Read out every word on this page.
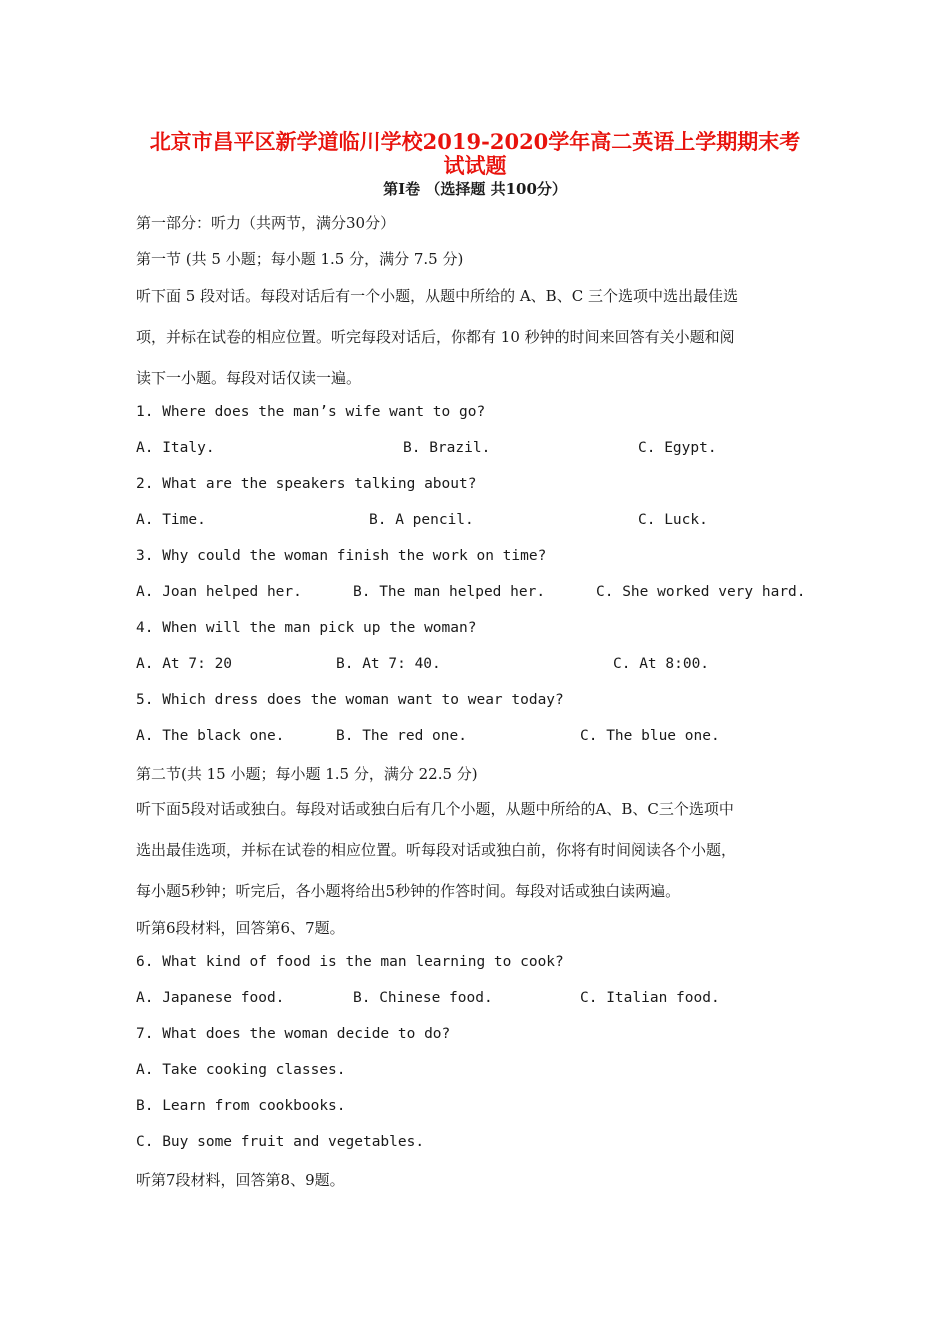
北京市昌平区新学道临川学校2019-2020学年高二英语上学期期末考
试试题
第Ⅰ卷 （选择题 共100分）
第一部分：听力（共两节，满分30分）
第一节 (共 5 小题；每小题 1.5 分，满分 7.5 分)
听下面 5 段对话。每段对话后有一个小题，从题中所给的 A、B、C 三个选项中选出最佳选
项，并标在试卷的相应位置。听完每段对话后，你都有 10 秒钟的时间来回答有关小题和阅
读下一小题。每段对话仅读一遍。
1. Where does the man’s wife want to go?
A. Italy.	B. Brazil.	C. Egypt.
2. What are the speakers talking about?
A. Time.	B. A pencil.	C. Luck.
3. Why could the woman finish the work on time?
A. Joan helped her.	B. The man helped her.	C. She worked very hard.
4. When will the man pick up the woman?
A. At 7: 20	B. At 7: 40.	C. At 8:00.
5. Which dress does the woman want to wear today?
A. The black one.	B. The red one.	C. The blue one.
第二节(共 15 小题；每小题 1.5 分，满分 22.5 分)
听下面5段对话或独白。每段对话或独白后有几个小题，从题中所给的A、B、C三个选项中
选出最佳选项，并标在试卷的相应位置。听每段对话或独白前，你将有时间阅读各个小题，
每小题5秒钟；听完后，各小题将给出5秒钟的作答时间。每段对话或独白读两遍。
听第6段材料，回答第6、7题。
6. What kind of food is the man learning to cook?
A. Japanese food.	B. Chinese food.	C. Italian food.
7. What does the woman decide to do?
A. Take cooking classes.
B. Learn from cookbooks.
C. Buy some fruit and vegetables.
听第7段材料，回答第8、9题。
